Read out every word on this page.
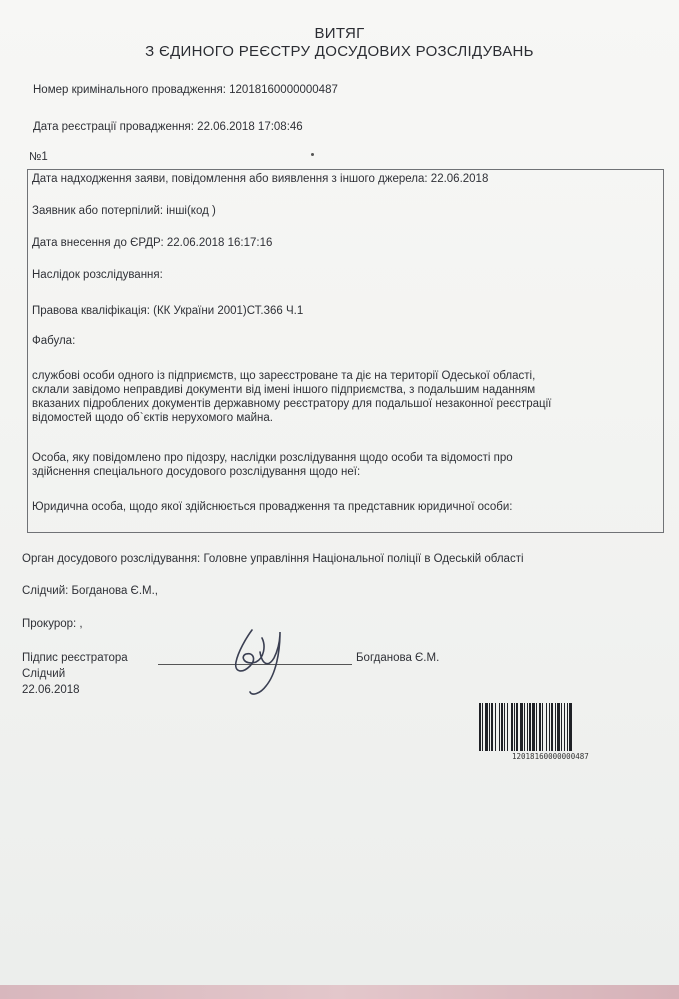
ВИТЯГ
З ЄДИНОГО РЕЄСТРУ ДОСУДОВИХ РОЗСЛІДУВАНЬ
Номер кримінального провадження: 12018160000000487
Дата реєстрації провадження: 22.06.2018 17:08:46
№1
Дата надходження заяви, повідомлення або виявлення з іншого джерела: 22.06.2018
Заявник або потерпілий: інші(код )
Дата внесення до ЄРДР: 22.06.2018 16:17:16
Наслідок розслідування:
Правова кваліфікація: (КК України 2001)СТ.366 Ч.1
Фабула:
службові особи одного із підприємств, що зареєстроване та діє на території Одеської області,
склали завідомо неправдиві документи від імені іншого підприємства, з подальшим наданням
вказаних підроблених документів державному реєстратору для подальшої незаконної реєстрації
відомостей щодо об`єктів нерухомого майна.
Особа, яку повідомлено про підозру, наслідки розслідування щодо особи та відомості про
здійснення спеціального досудового розслідування щодо неї:
Юридична особа, щодо якої здійснюється провадження та представник юридичної особи:
Орган досудового розслідування: Головне управління Національної поліції в Одеській області
Слідчий: Богданова Є.М.,
Прокурор: ,
Підпис реєстратора	Богданова Є.М.
Слідчий
22.06.2018
12018160000000487
